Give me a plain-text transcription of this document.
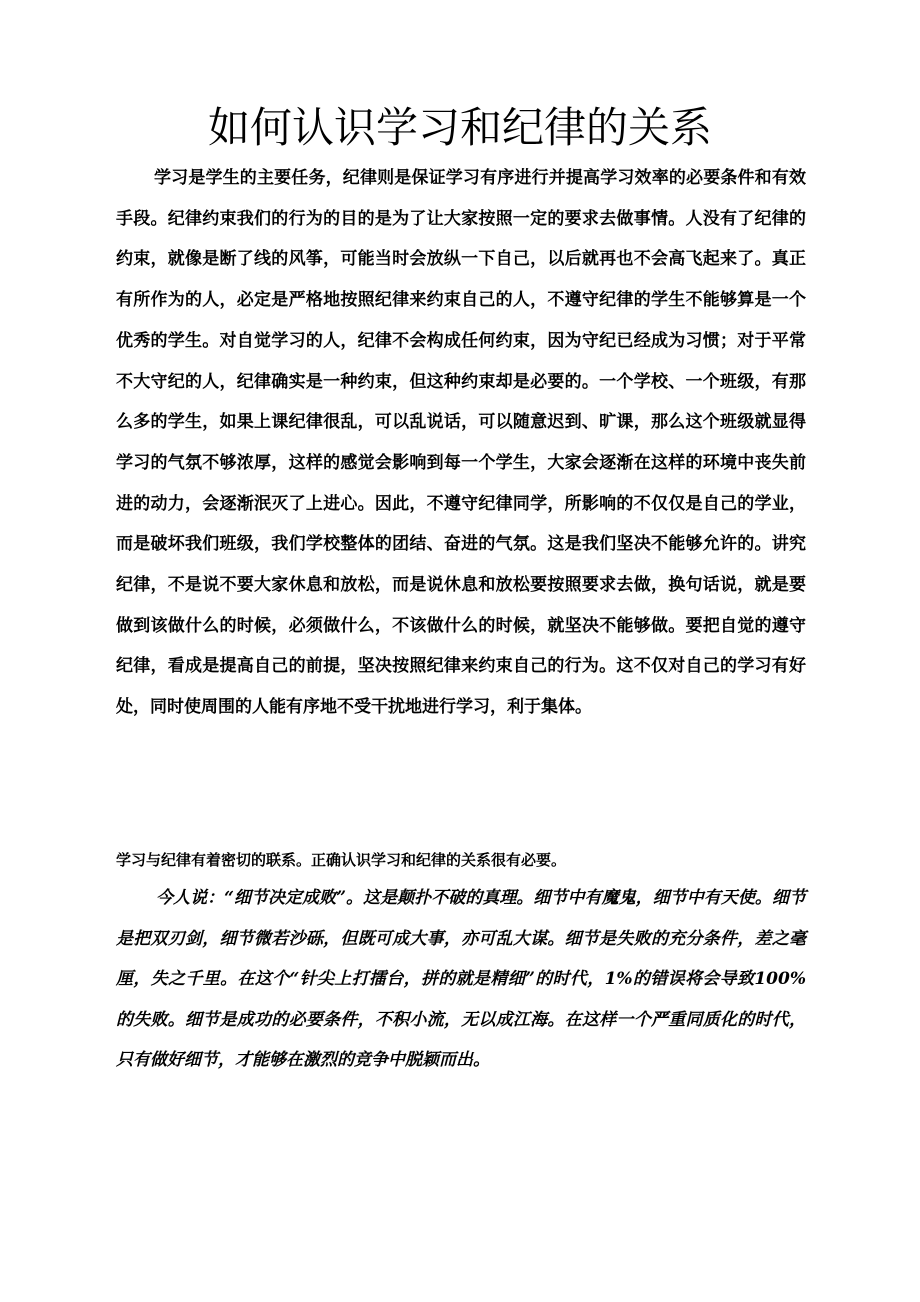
如何认识学习和纪律的关系

学习是学生的主要任务，纪律则是保证学习有序进行并提高学习效率的必要条件和有效手段。纪律约束我们的行为的目的是为了让大家按照一定的要求去做事情。人没有了纪律的约束，就像是断了线的风筝，可能当时会放纵一下自己，以后就再也不会高飞起来了。真正有所作为的人，必定是严格地按照纪律来约束自己的人，不遵守纪律的学生不能够算是一个优秀的学生。对自觉学习的人，纪律不会构成任何约束，因为守纪已经成为习惯；对于平常不大守纪的人，纪律确实是一种约束，但这种约束却是必要的。一个学校、一个班级，有那么多的学生，如果上课纪律很乱，可以乱说话，可以随意迟到、旷课，那么这个班级就显得学习的气氛不够浓厚，这样的感觉会影响到每一个学生，大家会逐渐在这样的环境中丧失前进的动力，会逐渐泯灭了上进心。因此，不遵守纪律同学，所影响的不仅仅是自己的学业，而是破坏我们班级，我们学校整体的团结、奋进的气氛。这是我们坚决不能够允许的。讲究纪律，不是说不要大家休息和放松，而是说休息和放松要按照要求去做，换句话说，就是要做到该做什么的时候，必须做什么，不该做什么的时候，就坚决不能够做。要把自觉的遵守纪律，看成是提高自己的前提，坚决按照纪律来约束自己的行为。这不仅对自己的学习有好处，同时使周围的人能有序地不受干扰地进行学习，利于集体。

学习与纪律有着密切的联系。正确认识学习和纪律的关系很有必要。

今人说：“细节决定成败”。这是颠扑不破的真理。细节中有魔鬼，细节中有天使。细节是把双刃剑，细节微若沙砾，但既可成大事，亦可乱大谋。细节是失败的充分条件，差之毫厘，失之千里。在这个“针尖上打擂台，拼的就是精细”的时代，1%的错误将会导致100%的失败。细节是成功的必要条件，不积小流，无以成江海。在这样一个严重同质化的时代，只有做好细节，才能够在激烈的竞争中脱颖而出。
